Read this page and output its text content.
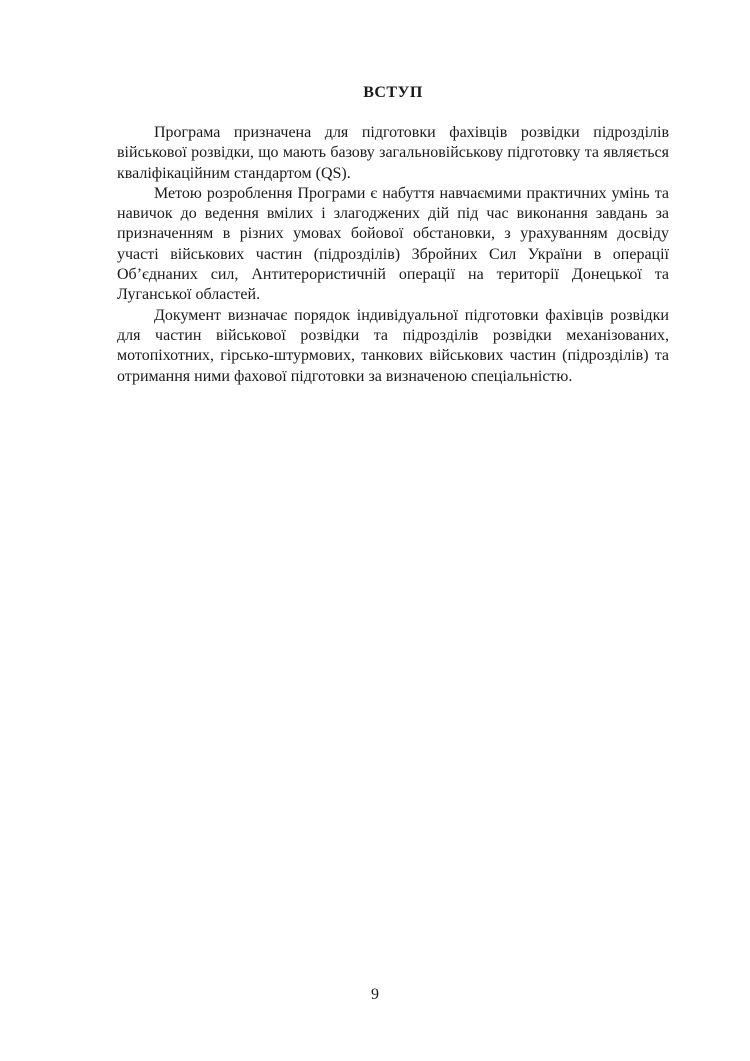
ВСТУП

Програма призначена для підготовки фахівців розвідки підрозділів військової розвідки, що мають базову загальновійськову підготовку та являється кваліфікаційним стандартом (QS).

Метою розроблення Програми є набуття навчаємими практичних умінь та навичок до ведення вмілих і злагоджених дій під час виконання завдань за призначенням в різних умовах бойової обстановки, з урахуванням досвіду участі військових частин (підрозділів) Збройних Сил України в операції Об’єднаних сил, Антитерористичній операції на території Донецької та Луганської областей.

Документ визначає порядок індивідуальної підготовки фахівців розвідки для частин військової розвідки та підрозділів розвідки механізованих, мотопіхотних, гірсько-штурмових, танкових військових частин (підрозділів) та отримання ними фахової підготовки за визначеною спеціальністю.

9
